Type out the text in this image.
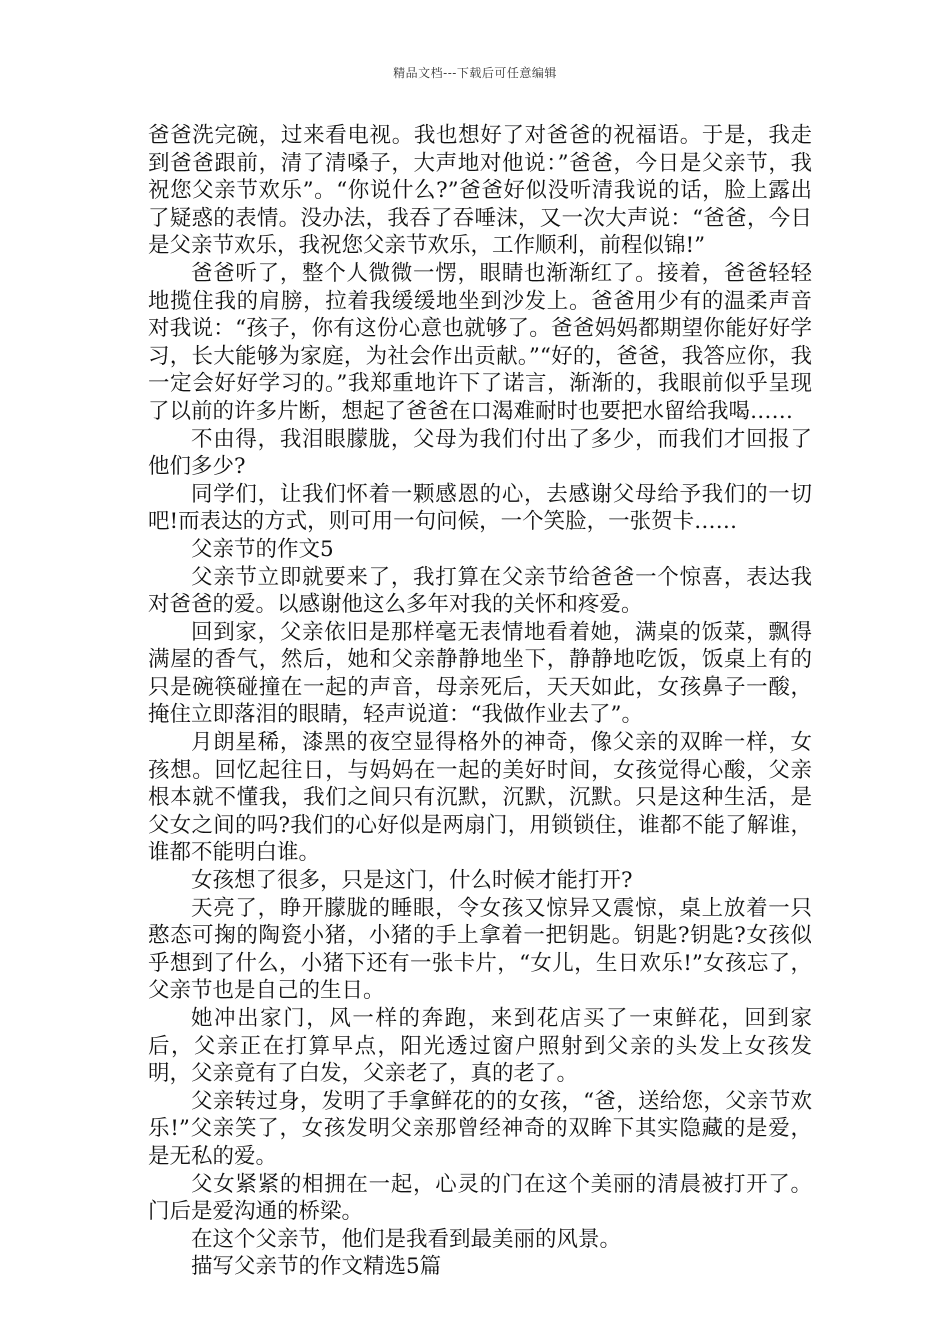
精品文档---下载后可任意编辑

爸爸洗完碗，过来看电视。我也想好了对爸爸的祝福语。于是，我走到爸爸跟前，清了清嗓子，大声地对他说：”爸爸，今日是父亲节，我祝您父亲节欢乐”。“你说什么?”爸爸好似没听清我说的话，脸上露出了疑惑的表情。没办法，我吞了吞唾沫，又一次大声说：“爸爸，今日是父亲节欢乐，我祝您父亲节欢乐，工作顺利，前程似锦!”

爸爸听了，整个人微微一愣，眼睛也渐渐红了。接着，爸爸轻轻地揽住我的肩膀，拉着我缓缓地坐到沙发上。爸爸用少有的温柔声音对我说：“孩子，你有这份心意也就够了。爸爸妈妈都期望你能好好学习，长大能够为家庭，为社会作出贡献。”“好的，爸爸，我答应你，我一定会好好学习的。”我郑重地许下了诺言，渐渐的，我眼前似乎呈现了以前的许多片断，想起了爸爸在口渴难耐时也要把水留给我喝……

不由得，我泪眼朦胧，父母为我们付出了多少，而我们才回报了他们多少?

同学们，让我们怀着一颗感恩的心，去感谢父母给予我们的一切吧!而表达的方式，则可用一句问候，一个笑脸，一张贺卡……

父亲节的作文5

父亲节立即就要来了，我打算在父亲节给爸爸一个惊喜，表达我对爸爸的爱。以感谢他这么多年对我的关怀和疼爱。

回到家，父亲依旧是那样毫无表情地看着她，满桌的饭菜，飘得满屋的香气，然后，她和父亲静静地坐下，静静地吃饭，饭桌上有的只是碗筷碰撞在一起的声音，母亲死后，天天如此，女孩鼻子一酸，掩住立即落泪的眼睛，轻声说道：“我做作业去了”。

月朗星稀，漆黑的夜空显得格外的神奇，像父亲的双眸一样，女孩想。回忆起往日，与妈妈在一起的美好时间，女孩觉得心酸，父亲根本就不懂我，我们之间只有沉默，沉默，沉默。只是这种生活，是父女之间的吗?我们的心好似是两扇门，用锁锁住，谁都不能了解谁，谁都不能明白谁。

女孩想了很多，只是这门，什么时候才能打开?

天亮了，睁开朦胧的睡眼，令女孩又惊异又震惊，桌上放着一只憨态可掬的陶瓷小猪，小猪的手上拿着一把钥匙。钥匙?钥匙?女孩似乎想到了什么，小猪下还有一张卡片，“女儿，生日欢乐!”女孩忘了，父亲节也是自己的生日。

她冲出家门，风一样的奔跑，来到花店买了一束鲜花，回到家后，父亲正在打算早点，阳光透过窗户照射到父亲的头发上女孩发明，父亲竟有了白发，父亲老了，真的老了。

父亲转过身，发明了手拿鲜花的的女孩，“爸，送给您，父亲节欢乐!”父亲笑了，女孩发明父亲那曾经神奇的双眸下其实隐藏的是爱，是无私的爱。

父女紧紧的相拥在一起，心灵的门在这个美丽的清晨被打开了。门后是爱沟通的桥梁。

在这个父亲节，他们是我看到最美丽的风景。

描写父亲节的作文精选5篇
